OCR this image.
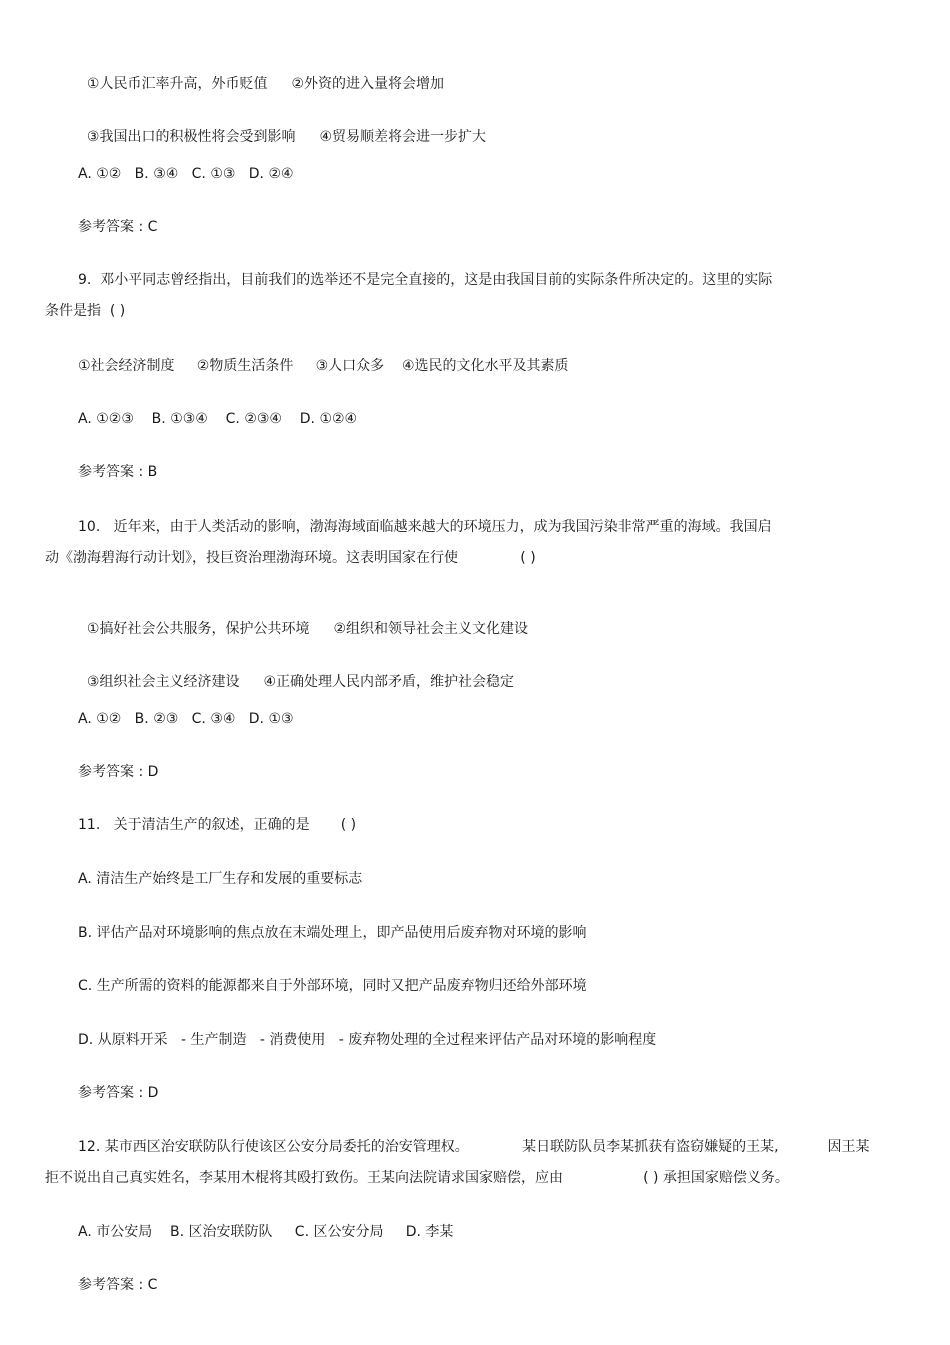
①人民币汇率升高，外币贬值 ②外资的进入量将会增加

③我国出口的积极性将会受到影响 ④贸易顺差将会进一步扩大

A. ①②   B. ③④   C. ①③   D. ②④

参考答案 : C

9.  邓小平同志曾经指出，目前我们的选举还不是完全直接的，这是由我国目前的实际条件所决定的。这里的实际

条件是指  ( )

①社会经济制度     ②物质生活条件     ③人口众多    ④选民的文化水平及其素质

A. ①②③    B. ①③④    C. ②③④    D. ①②④

参考答案 : B

10.   近年来，由于人类活动的影响，渤海海域面临越来越大的环境压力，成为我国污染非常严重的海域。我国启

动《渤海碧海行动计划》，投巨资治理渤海环境。这表明国家在行使              ( )

①搞好社会公共服务，保护公共环境 ②组织和领导社会主义文化建设

③组织社会主义经济建设 ④正确处理人民内部矛盾，维护社会稳定

A. ①②   B. ②③   C. ③④   D. ①③

参考答案 : D

11.   关于清洁生产的叙述，正确的是       ( )

A. 清洁生产始终是工厂生存和发展的重要标志

B. 评估产品对环境影响的焦点放在末端处理上，即产品使用后废弃物对环境的影响

C. 生产所需的资料的能源都来自于外部环境，同时又把产品废弃物归还给外部环境

D. 从原料开采   - 生产制造   - 消费使用   - 废弃物处理的全过程来评估产品对环境的影响程度

参考答案 : D

12. 某市西区治安联防队行使该区公安分局委托的治安管理权。            某日联防队员李某抓获有盗窃嫌疑的王某,           因王某

拒不说出自己真实姓名，李某用木棍将其殴打致伤。王某向法院请求国家赔偿，应由                  ( ) 承担国家赔偿义务。

A. 市公安局    B. 区治安联防队     C. 区公安分局     D. 李某

参考答案 : C
